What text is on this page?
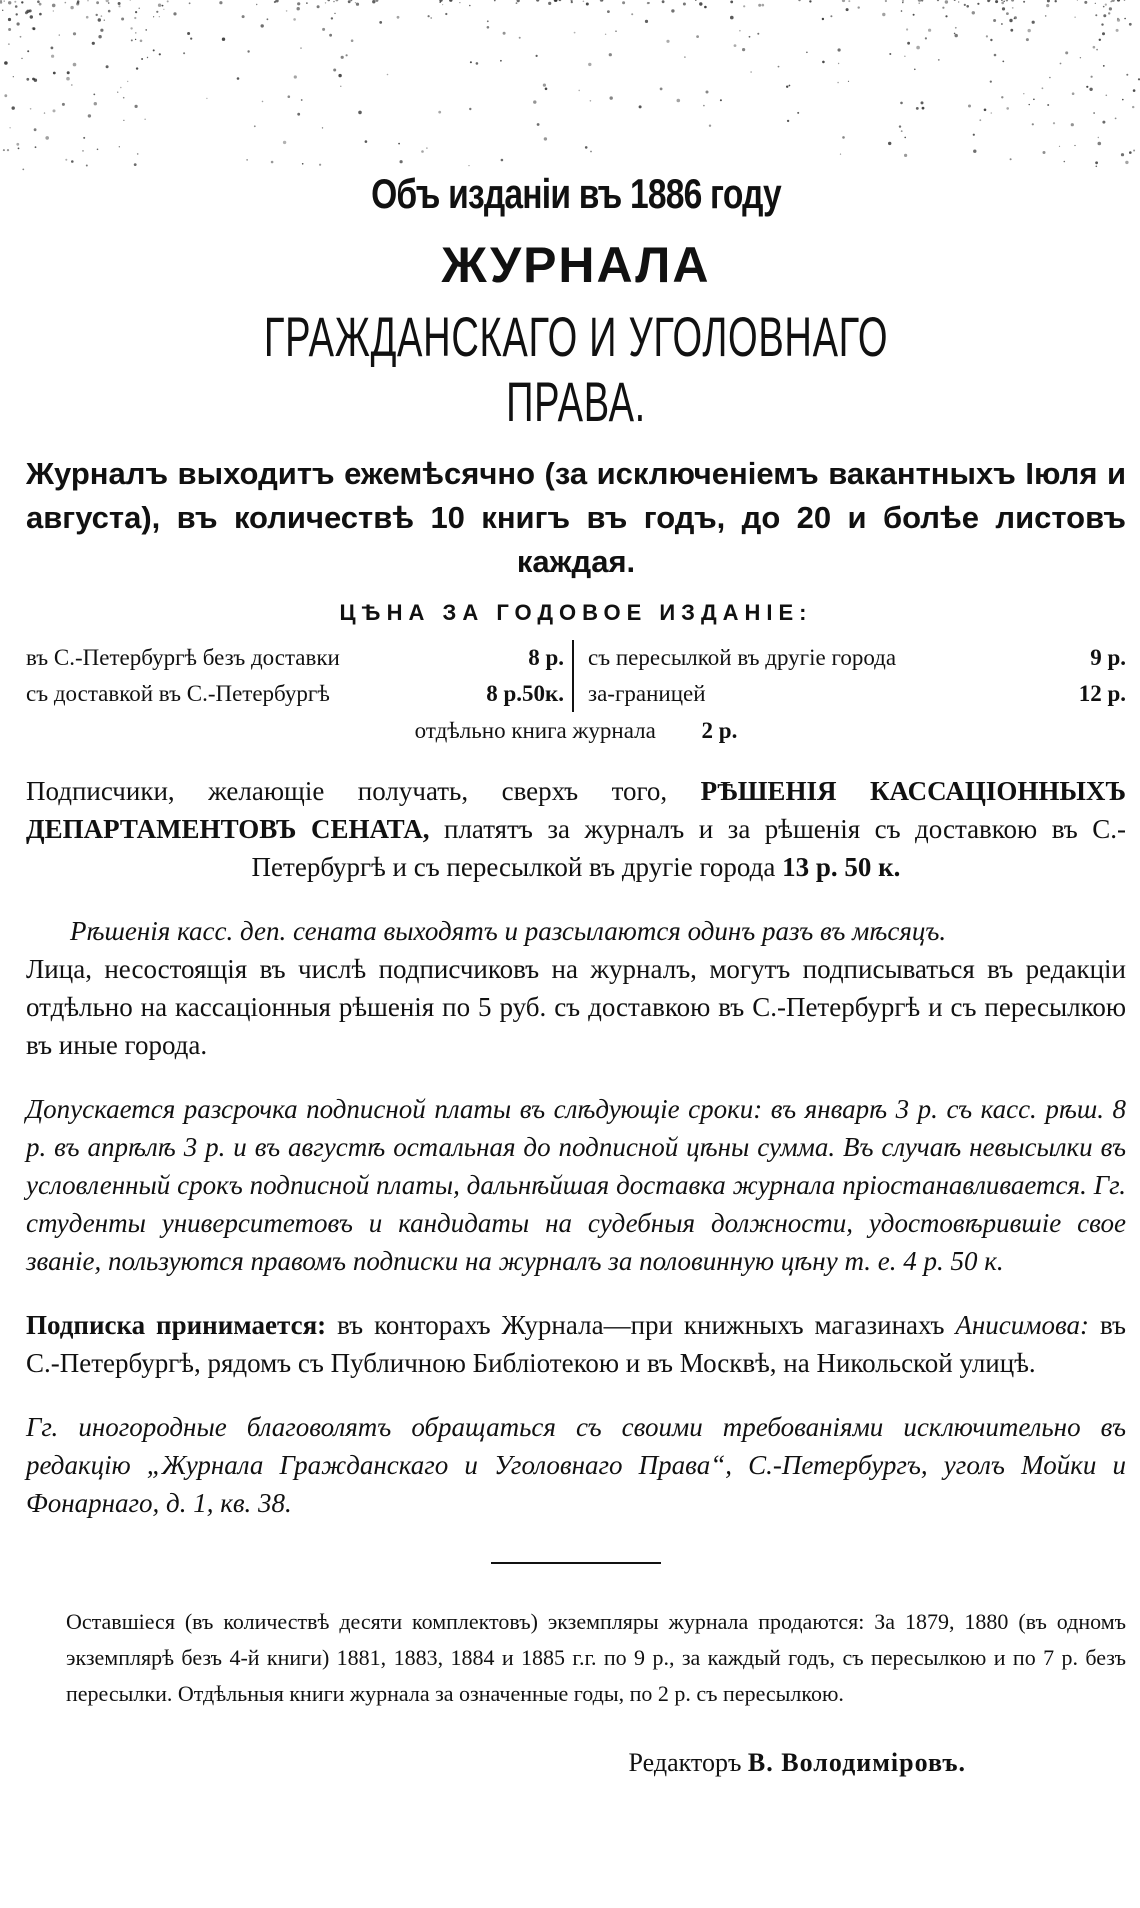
Объ изданіи въ 1886 году
ЖУРНАЛА
ГРАЖДАНСКАГО И УГОЛОВНАГО ПРАВА.

Журналъ выходитъ ежемѣсячно (за исключеніемъ вакантныхъ Іюля и августа), въ количествѣ 10 книгъ въ годъ, до 20 и болѣе листовъ каждая.

ЦѢНА ЗА ГОДОВОЕ ИЗДАНІЕ:
въ С.-Петербургѣ безъ доставки	8 р.
съ доставкой въ С.-Петербургѣ	8 р.50к.
съ пересылкой въ другіе города	9 р.
за-границей	12 р.
отдѣльно книга журнала 2 р.

Подписчики, желающіе получать, сверхъ того, РѢШЕНІЯ КАССАЦІОННЫХЪ ДЕПАРТАМЕНТОВЪ СЕНАТА, платятъ за журналъ и за рѣшенія съ доставкою въ С.-Петербургѣ и съ пересылкой въ другіе города 13 р. 50 к.

Рѣшенія касс. деп. сената выходятъ и разсылаются одинъ разъ въ мѣсяцъ.

Лица, несостоящія въ числѣ подписчиковъ на журналъ, могутъ подписываться въ редакціи отдѣльно на кассаціонныя рѣшенія по 5 руб. съ доставкою въ С.-Петербургѣ и съ пересылкою въ иные города.

Допускается разсрочка подписной платы въ слѣдующіе сроки: въ январѣ 3 р. съ касс. рѣш. 8 р. въ апрѣлѣ 3 р. и въ августѣ остальная до подписной цѣны сумма. Въ случаѣ невысылки въ условленный срокъ подписной платы, дальнѣйшая доставка журнала пріостанавливается. Гг. студенты университетовъ и кандидаты на судебныя должности, удостовѣрившіе свое званіе, пользуются правомъ подписки на журналъ за половинную цѣну т. е. 4 р. 50 к.

Подписка принимается: въ конторахъ Журнала—при книжныхъ магазинахъ Анисимова: въ С.-Петербургѣ, рядомъ съ Публичною Библіотекою и въ Москвѣ, на Никольской улицѣ.

Гг. иногородные благоволятъ обращаться съ своими требованіями исключительно въ редакцію „Журнала Гражданскаго и Уголовнаго Права“, С.-Петербургъ, уголъ Мойки и Фонарнаго, д. 1, кв. 38.

Оставшіеся (въ количествѣ десяти комплектовъ) экземпляры журнала продаются: За 1879, 1880 (въ одномъ экземплярѣ безъ 4-й книги) 1881, 1883, 1884 и 1885 г.г. по 9 р., за каждый годъ, съ пересылкою и по 7 р. безъ пересылки. Отдѣльныя книги журнала за означенные годы, по 2 р. съ пересылкою.

Редакторъ В. Володиміровъ.
